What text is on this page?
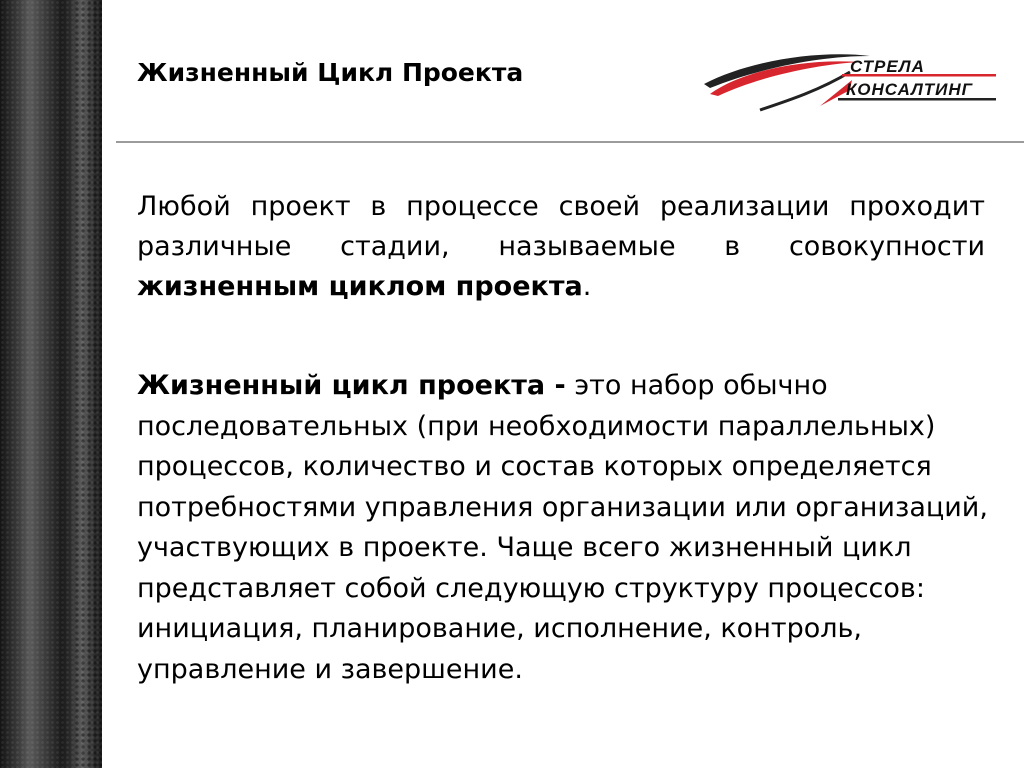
Жизненный Цикл Проекта	СТРЕЛА
КОНСАЛТИНГ
Любой проект в процессе своей реализации проходит различные стадии, называемые в совокупности жизненным циклом проекта.
Жизненный цикл проекта - это набор обычно последовательных (при необходимости параллельных) процессов, количество и состав которых определяется потребностями управления организации или организаций, участвующих в проекте. Чаще всего жизненный цикл представляет собой следующую структуру процессов: инициация, планирование, исполнение, контроль, управление и завершение.
